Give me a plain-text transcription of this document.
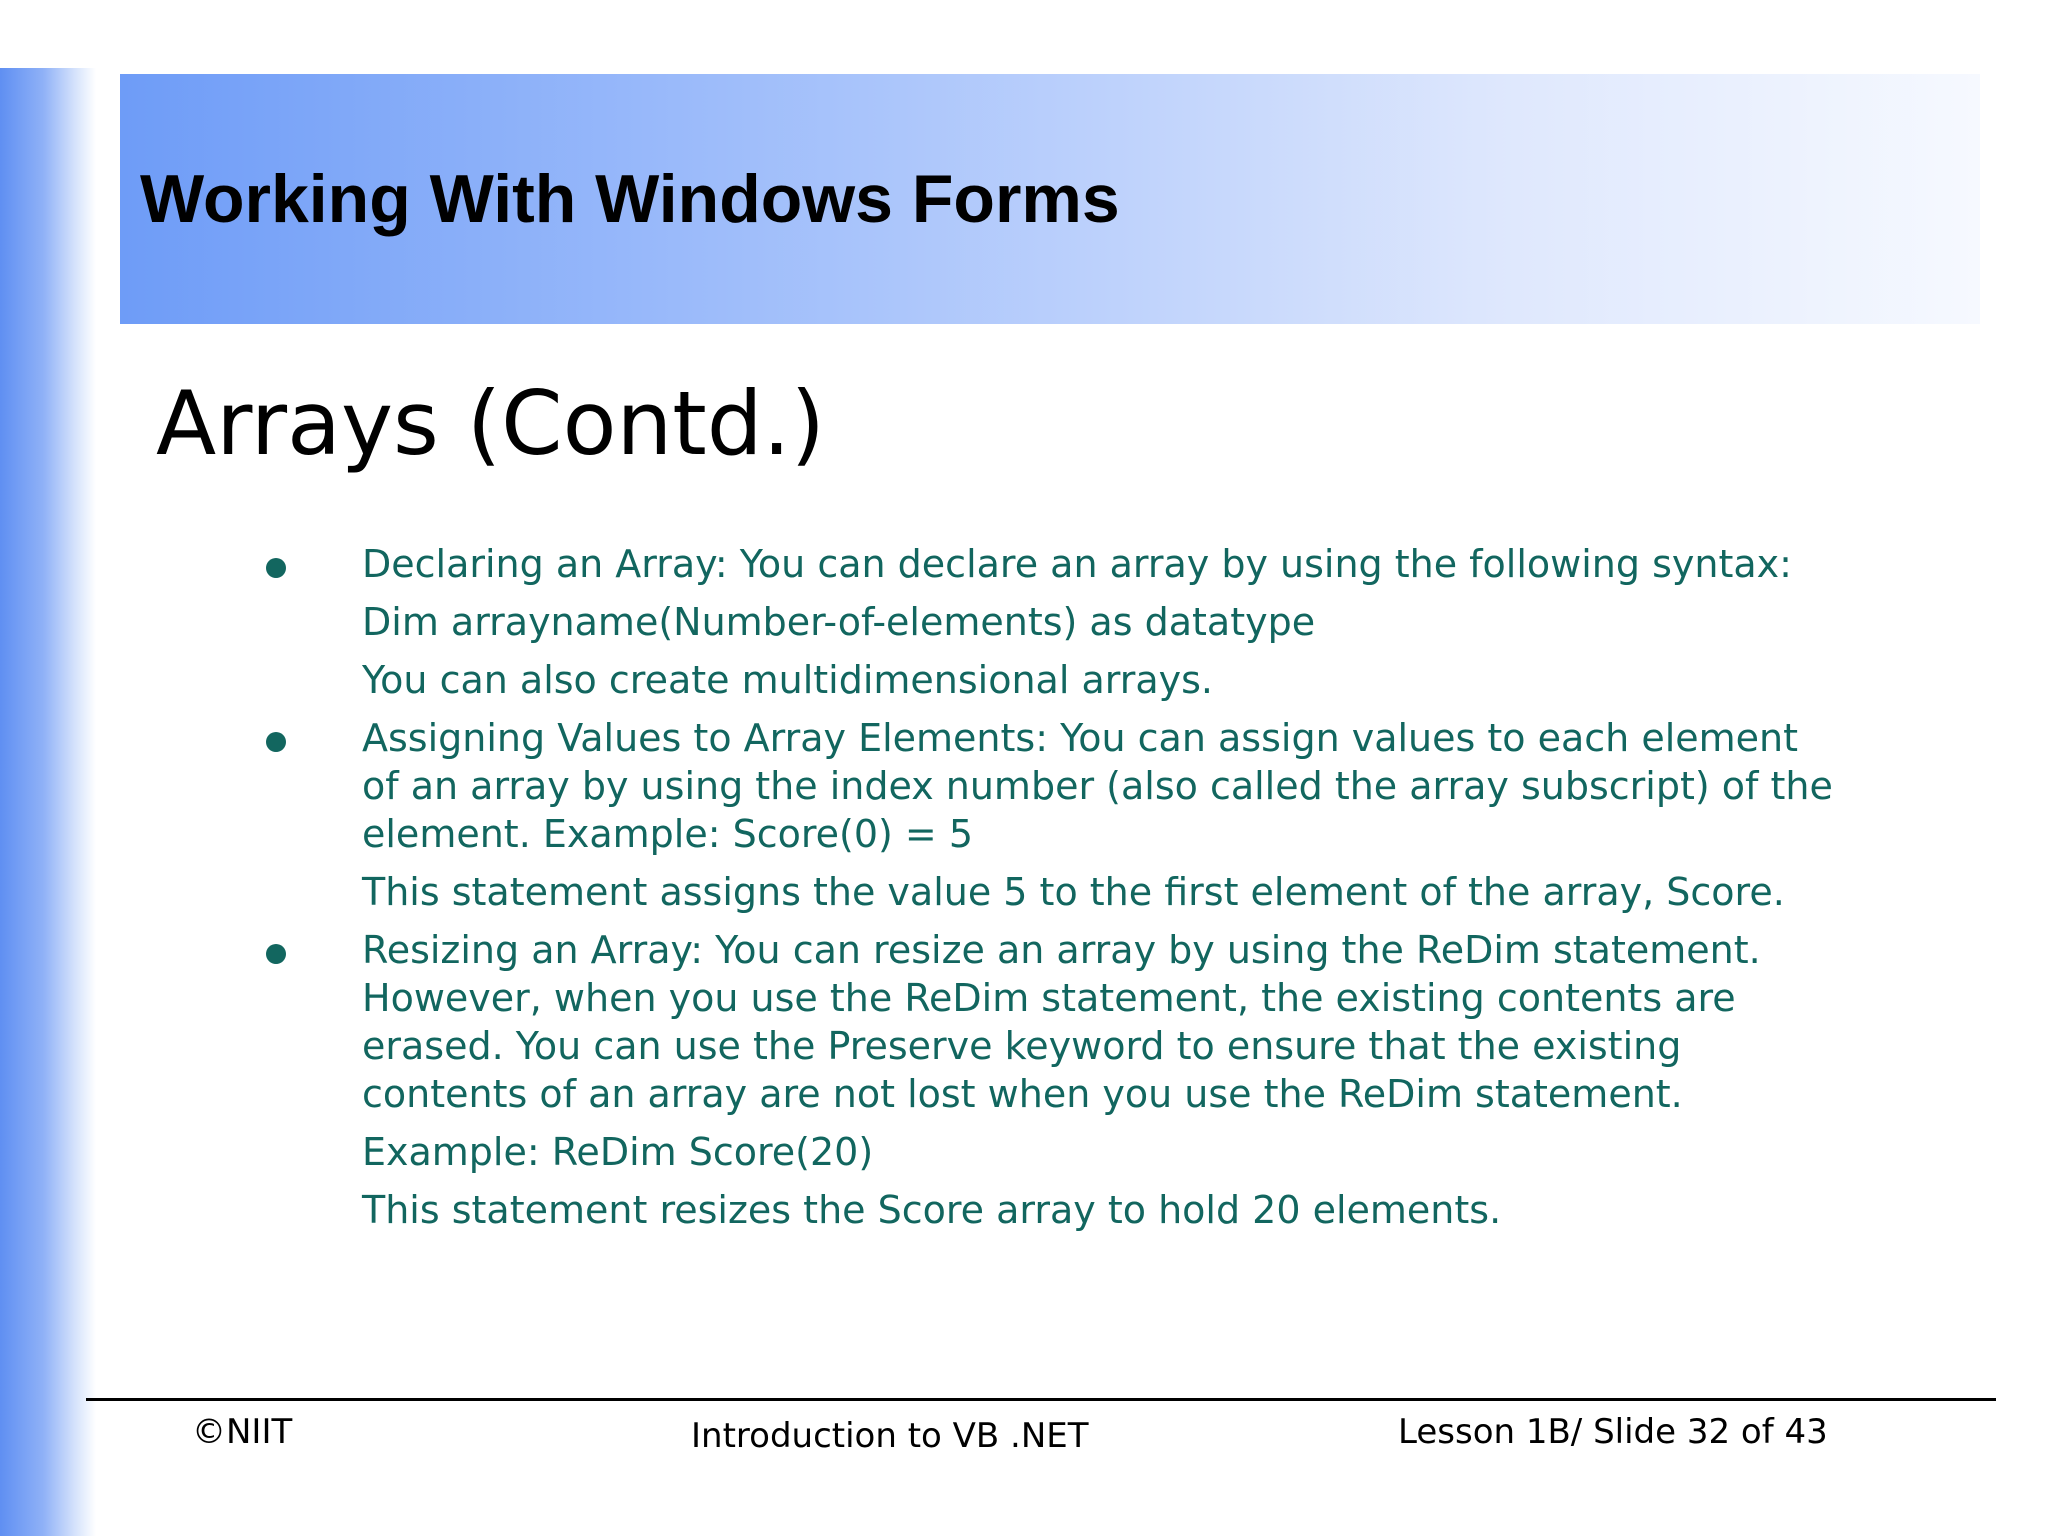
Working With Windows Forms
Arrays (Contd.)
Declaring an Array: You can declare an array by using the following syntax:
Dim arrayname(Number-of-elements) as datatype
You can also create multidimensional arrays.
Assigning Values to Array Elements: You can assign values to each element
of an array by using the index number (also called the array subscript) of the
element. Example: Score(0) = 5
This statement assigns the value 5 to the first element of the array, Score.
Resizing an Array: You can resize an array by using the ReDim statement.
However, when you use the ReDim statement, the existing contents are
erased. You can use the Preserve keyword to ensure that the existing
contents of an array are not lost when you use the ReDim statement.
Example: ReDim Score(20)
This statement resizes the Score array to hold 20 elements.
©NIIT	Introduction to VB .NET	Lesson 1B/ Slide 32 of 43
